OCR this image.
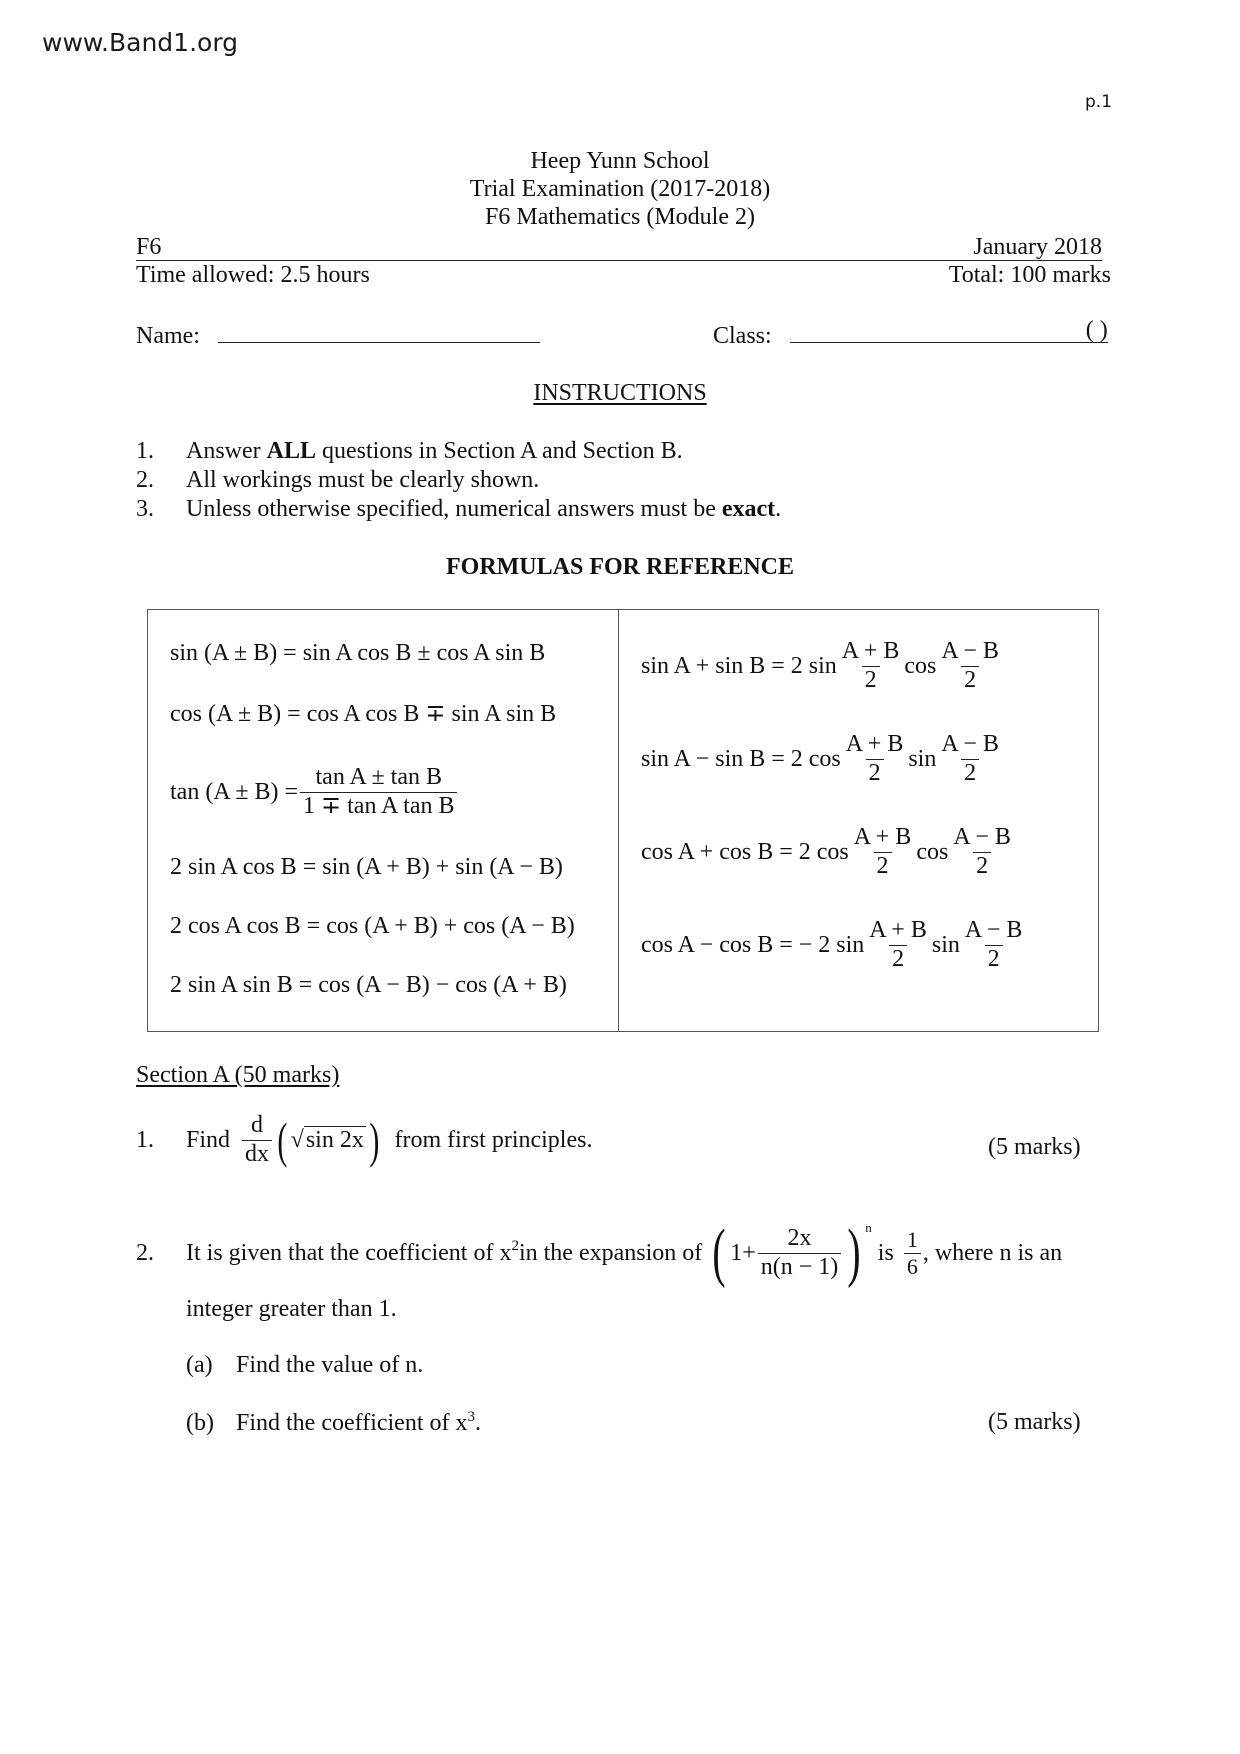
www.Band1.org
p.1
Heep Yunn School
Trial Examination (2017-2018)
F6 Mathematics (Module 2)
F6	January 2018
Time allowed: 2.5 hours	Total: 100 marks
Name:	Class:	( )
INSTRUCTIONS
1. Answer ALL questions in Section A and Section B.
2. All workings must be clearly shown.
3. Unless otherwise specified, numerical answers must be exact.
FORMULAS FOR REFERENCE
sin (A ± B) = sin A cos B ± cos A sin B
cos (A ± B) = cos A cos B ∓ sin A sin B
$\tan (A \pm B) = \frac{\text{tan A ± tan B}}{\text{1 ∓ tan A tan B}}$
2 sin A cos B = sin (A + B) + sin (A − B)
2 cos A cos B = cos (A + B) + cos (A − B)
2 sin A sin B = cos (A − B) − cos (A + B)
sin A + sin B = 2 $\sin \frac{A + B}{2}$ $\cos \frac{A - B}{2}$
sin A − sin B = 2 $\cos \frac{A + B}{2}$ $\sin \frac{A - B}{2}$
cos A + cos B = 2 $\cos \frac{A + B}{2}$ $\cos \frac{A - B}{2}$
cos A − cos B = − 2 $\sin \frac{A + B}{2}$ $\sin \frac{A - B}{2}$
Section A (50 marks)
1.	Find $\frac{d}{dx}$ ( √ sin 2x ) from first principles.	(5 marks)
2.	It is given that the coefficient of $x^2$ in the expansion of ( $1+ \frac{2x}{n(n - 1)}$ ) $^n$
is $\frac{1}{6}$ , where n is an
integer greater than 1.
(a) Find the value of n.
(b) Find the coefficient of $x^3$.	(5 marks)
